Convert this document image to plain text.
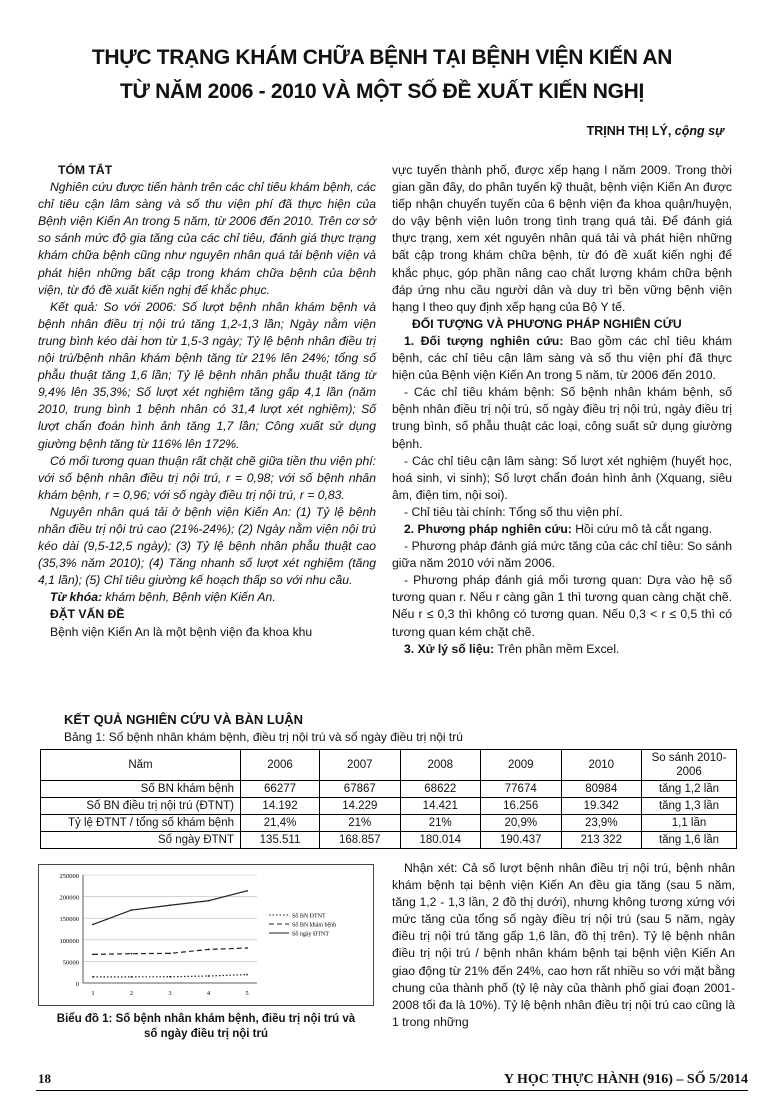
THỰC TRẠNG KHÁM CHỮA BỆNH TẠI BỆNH VIỆN KIẾN AN
TỪ NĂM 2006 - 2010 VÀ MỘT SỐ ĐỀ XUẤT KIẾN NGHỊ
TRỊNH THỊ LÝ, cộng sự

TÓM TẮT

Nghiên cứu được tiến hành trên các chỉ tiêu khám bệnh, các chỉ tiêu cận lâm sàng và số thu viện phí đã thực hiện của Bệnh viện Kiến An trong 5 năm, từ 2006 đến 2010. Trên cơ sở so sánh mức độ gia tăng của các chỉ tiêu, đánh giá thực trạng khám chữa bệnh cũng như nguyên nhân quá tải bệnh viện và phát hiện những bất cập trong khám chữa bệnh của bệnh viện, từ đó đề xuất kiến nghị để khắc phục.

Kết quả: So với 2006: Số lượt bệnh nhân khám bệnh và bệnh nhân điều trị nội trú tăng 1,2-1,3 lần; Ngày nằm viện trung bình kéo dài hơn từ 1,5-3 ngày; Tỷ lệ bệnh nhân điều trị nội trú/bệnh nhân khám bệnh tăng từ 21% lên 24%; tổng số phẫu thuật tăng 1,6 lần; Tỷ lệ bệnh nhân phẫu thuật tăng từ 9,4% lên 35,3%; Số lượt xét nghiệm tăng gấp 4,1 lần (năm 2010, trung bình 1 bệnh nhân có 31,4 lượt xét nghiệm); Số lượt chẩn đoán hình ảnh tăng 1,7 lần; Công xuất sử dụng giường bệnh tăng từ 116% lên 172%.

Có mối tương quan thuận rất chặt chẽ giữa tiền thu viện phí: với số bệnh nhân điều trị nội trú, r = 0,98; với số bệnh nhân khám bệnh, r = 0,96; với số ngày điều trị nội trú, r = 0,83.

Nguyên nhân quá tải ở bệnh viện Kiến An: (1) Tỷ lệ bệnh nhân điều trị nội trú cao (21%-24%); (2) Ngày nằm viện nội trú kéo dài (9,5-12,5 ngày); (3) Tỷ lệ bệnh nhân phẫu thuật cao (35,3% năm 2010); (4) Tăng nhanh số lượt xét nghiệm (tăng 4,1 lần); (5) Chỉ tiêu giường kế hoạch thấp so với nhu cầu.

Từ khóa: khám bệnh, Bệnh viện Kiến An.

ĐẶT VẤN ĐỀ

Bệnh viện Kiến An là một bệnh viện đa khoa khu

vực tuyến thành phố, được xếp hạng I năm 2009. Trong thời gian gần đây, do phân tuyến kỹ thuật, bệnh viện Kiến An được tiếp nhận chuyển tuyến của 6 bệnh viện đa khoa quận/huyện, do vậy bệnh viện luôn trong tình trạng quá tải. Để đánh giá thực trạng, xem xét nguyên nhân quá tải và phát hiện những bất cập trong khám chữa bệnh, từ đó đề xuất kiến nghị để khắc phục, góp phần nâng cao chất lượng khám chữa bệnh đáp ứng nhu cầu người dân và duy trì bền vững bệnh viện hạng I theo quy định xếp hạng của Bộ Y tế.

ĐỐI TƯỢNG VÀ PHƯƠNG PHÁP NGHIÊN CỨU

1. Đối tượng nghiên cứu: Bao gồm các chỉ tiêu khám bệnh, các chỉ tiêu cận lâm sàng và số thu viện phí đã thực hiện của Bệnh viện Kiến An trong 5 năm, từ 2006 đến 2010.

- Các chỉ tiêu khám bệnh: Số bệnh nhân khám bệnh, số bệnh nhân điều trị nội trú, số ngày điều trị nội trú, ngày điều trị trung bình, số phẫu thuật các loại, công suất sử dụng giường bệnh.

- Các chỉ tiêu cận lâm sàng: Số lượt xét nghiệm (huyết học, hoá sinh, vi sinh); Số lượt chẩn đoán hình ảnh (Xquang, siêu âm, điện tim, nội soi).

- Chỉ tiêu tài chính: Tổng số thu viện phí.

2. Phương pháp nghiên cứu: Hồi cứu mô tả cắt ngang.

- Phương pháp đánh giá mức tăng của các chỉ tiêu: So sánh giữa năm 2010 với năm 2006.

- Phương pháp đánh giá mối tương quan: Dựa vào hệ số tương quan r. Nếu r càng gần 1 thì tương quan càng chặt chẽ. Nếu r ≤ 0,3 thì không có tương quan. Nếu 0,3 < r ≤ 0,5 thì có tương quan kém chặt chẽ.

3. Xử lý số liệu: Trên phần mềm Excel.

KẾT QUẢ NGHIÊN CỨU VÀ BÀN LUẬN
Bảng 1: Số bệnh nhân khám bệnh, điều trị nội trú và số ngày điều trị nội trú
Năm	2006	2007	2008	2009	2010	So sánh 2010-2006
Số BN khám bệnh	66277	67867	68622	77674	80984	tăng 1,2 lần
Số BN điều trị nội trú (ĐTNT)	14.192	14.229	14.421	16.256	19.342	tăng 1,3 lần
Tỷ lệ ĐTNT / tổng số khám bệnh	21,4%	21%	21%	20,9%	23,9%	1,1 lần
Số ngày ĐTNT	135.511	168.857	180.014	190.437	213 322	tăng 1,6 lần
250000
200000
150000
100000
50000
0
1	2	3	4	5
Số BN ĐTNT
Số BN khám bệnh
Số ngày ĐTNT
Biểu đồ 1: Số bệnh nhân khám bệnh, điều trị nội trú và
số ngày điều trị nội trú

Nhận xét: Cả số lượt bệnh nhân điều trị nội trú, bệnh nhân khám bệnh tại bệnh viện Kiến An đều gia tăng (sau 5 năm, tăng 1,2 - 1,3 lần, 2 đồ thị dưới), nhưng không tương xứng với mức tăng của tổng số ngày điều trị nội trú (sau 5 năm, ngày điều trị nội trú tăng gấp 1,6 lần, đồ thị trên). Tỷ lệ bệnh nhân điều trị nội trú / bệnh nhân khám bệnh tại bệnh viện Kiến An giao động từ 21% đến 24%, cao hơn rất nhiều so với mặt bằng chung của thành phố (tỷ lệ này của thành phố giai đoạn 2001-2008 tối đa là 10%). Tỷ lệ bệnh nhân điều trị nội trú cao cũng là 1 trong những

18	Y HỌC THỰC HÀNH (916) – SỐ 5/2014
